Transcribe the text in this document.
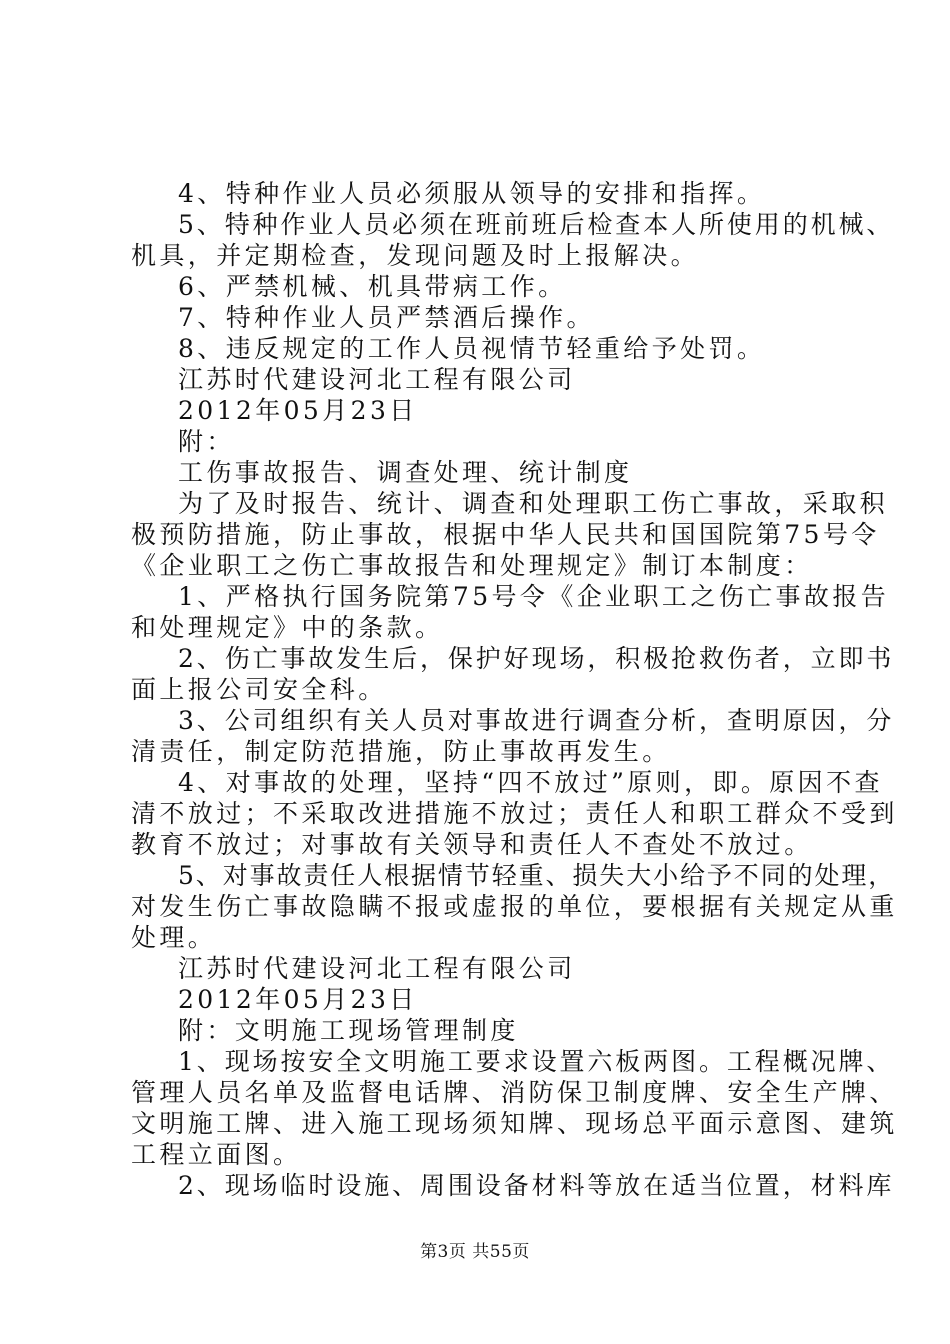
4、特种作业人员必须服从领导的安排和指挥。
5、特种作业人员必须在班前班后检查本人所使用的机械、
机具，并定期检查，发现问题及时上报解决。
6、严禁机械、机具带病工作。
7、特种作业人员严禁酒后操作。
8、违反规定的工作人员视情节轻重给予处罚。
江苏时代建设河北工程有限公司
2012年05月23日
附：
工伤事故报告、调查处理、统计制度
为了及时报告、统计、调查和处理职工伤亡事故，采取积
极预防措施，防止事故，根据中华人民共和国国院第75号令
《企业职工之伤亡事故报告和处理规定》制订本制度：
1、严格执行国务院第75号令《企业职工之伤亡事故报告
和处理规定》中的条款。
2、伤亡事故发生后，保护好现场，积极抢救伤者，立即书
面上报公司安全科。
3、公司组织有关人员对事故进行调查分析，查明原因，分
清责任，制定防范措施，防止事故再发生。
4、对事故的处理，坚持“四不放过”原则，即。原因不查
清不放过；不采取改进措施不放过；责任人和职工群众不受到
教育不放过；对事故有关领导和责任人不查处不放过。
5、对事故责任人根据情节轻重、损失大小给予不同的处理，
对发生伤亡事故隐瞒不报或虚报的单位，要根据有关规定从重
处理。
江苏时代建设河北工程有限公司
2012年05月23日
附：文明施工现场管理制度
1、现场按安全文明施工要求设置六板两图。工程概况牌、
管理人员名单及监督电话牌、消防保卫制度牌、安全生产牌、
文明施工牌、进入施工现场须知牌、现场总平面示意图、建筑
工程立面图。
2、现场临时设施、周围设备材料等放在适当位置，材料库
第3页 共55页
